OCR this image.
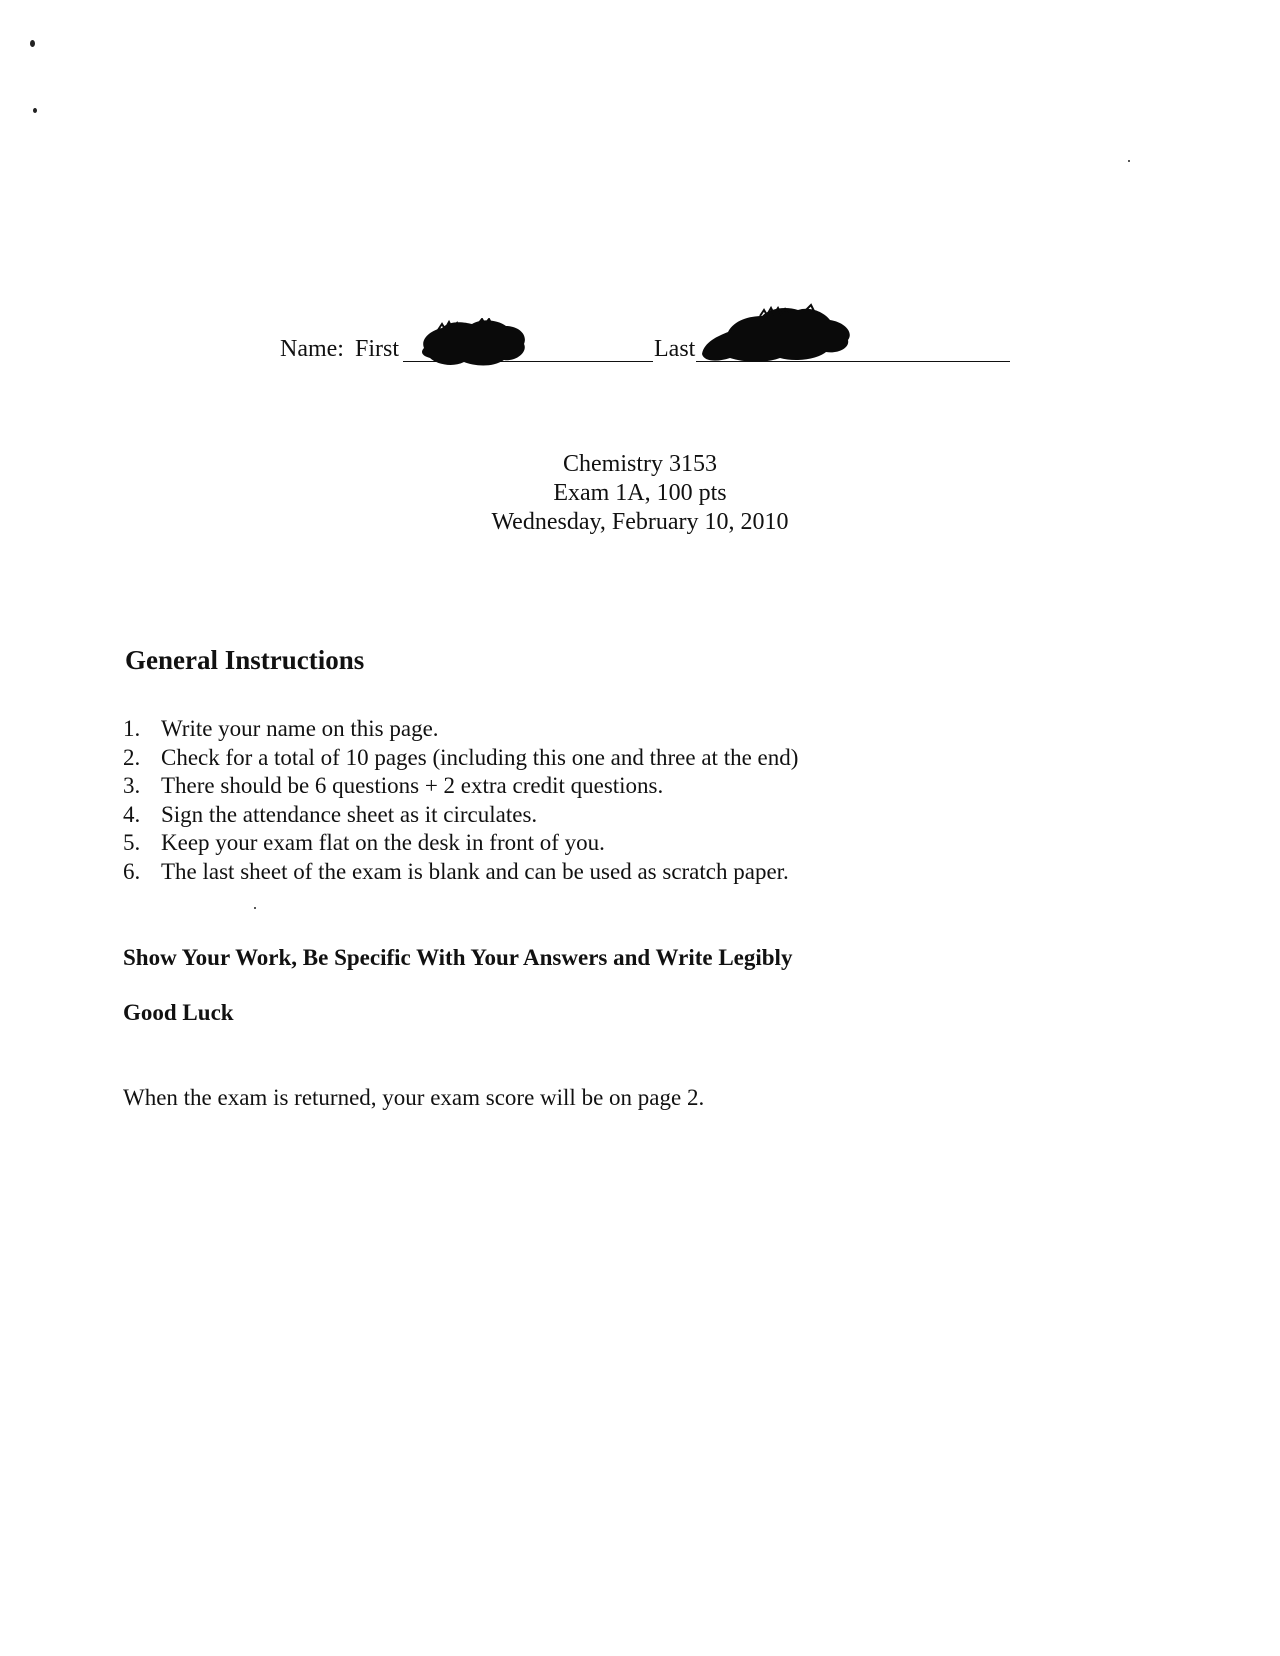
Name: First	Last
Chemistry 3153
Exam 1A, 100 pts
Wednesday, February 10, 2010
General Instructions
1. Write your name on this page.
2. Check for a total of 10 pages (including this one and three at the end)
3. There should be 6 questions + 2 extra credit questions.
4. Sign the attendance sheet as it circulates.
5. Keep your exam flat on the desk in front of you.
6. The last sheet of the exam is blank and can be used as scratch paper.
Show Your Work, Be Specific With Your Answers and Write Legibly
Good Luck
When the exam is returned, your exam score will be on page 2.
